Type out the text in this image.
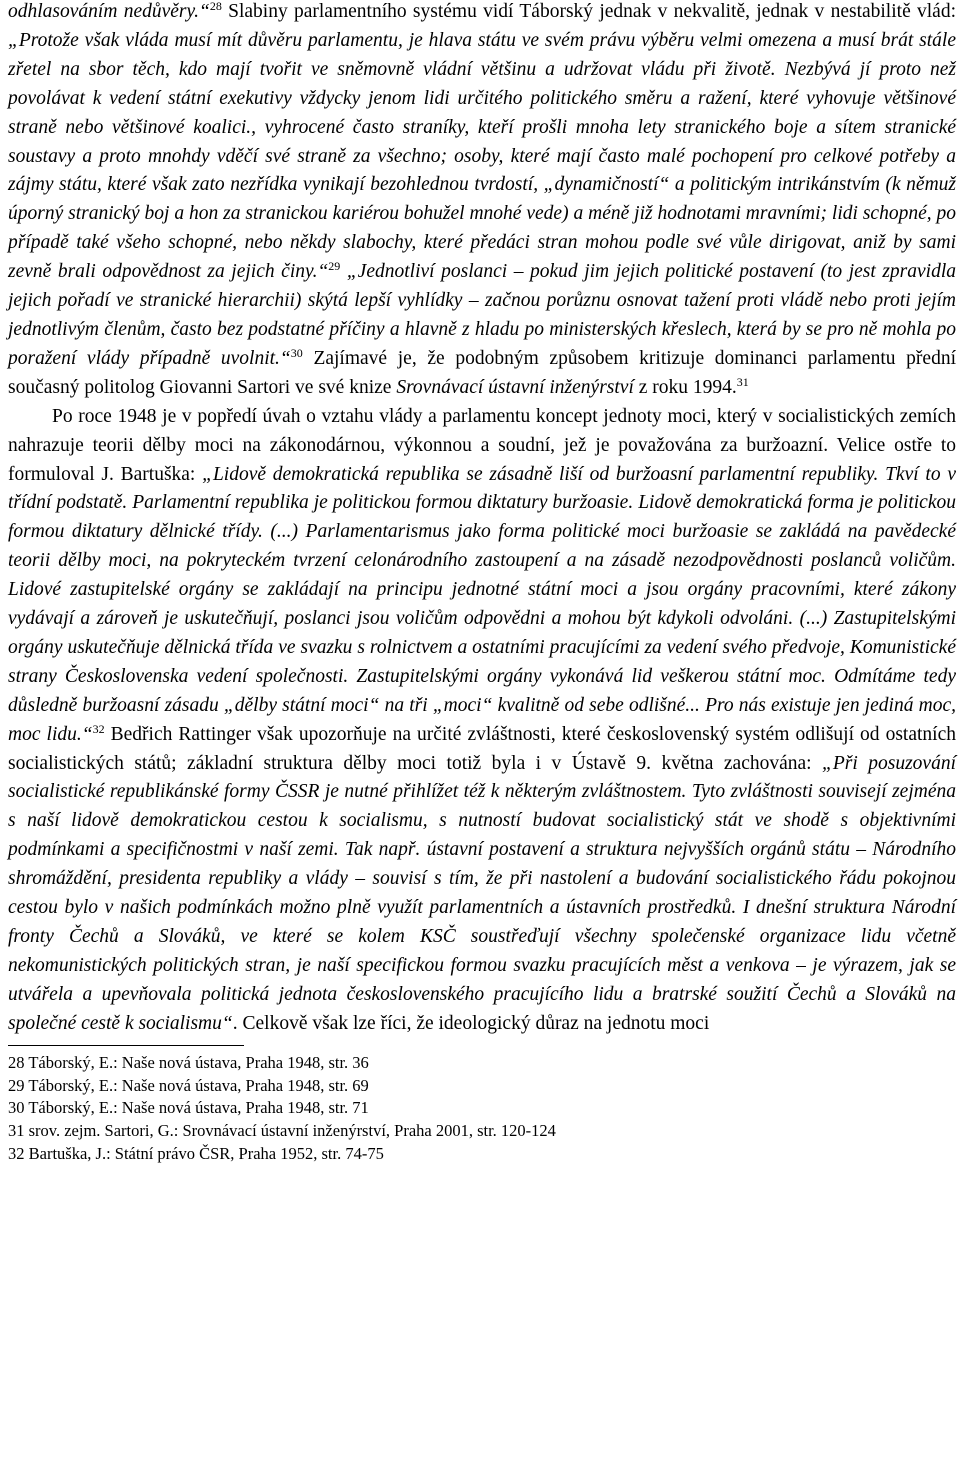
odhlasováním nedůvěry.“$^{28}$ Slabiny parlamentního systému vidí Táborský jednak v nekvalitě, jednak v nestabilitě vlád: „Protože však vláda musí mít důvěru parlamentu, je hlava státu ve svém právu výběru velmi omezena a musí brát stále zřetel na sbor těch, kdo mají tvořit ve sněmovně vládní většinu a udržovat vládu při životě. Nezbývá jí proto než povolávat k vedení státní exekutivy vždycky jenom lidi určitého politického směru a ražení, které vyhovuje většinové straně nebo většinové koalici., vyhrocené často straníky, kteří prošli mnoha lety stranického boje a sítem stranické soustavy a proto mnohdy vděčí své straně za všechno; osoby, které mají často malé pochopení pro celkové potřeby a zájmy státu, které však zato nezřídka vynikají bezohlednou tvrdostí, „dynamičností“ a politickým intrikánstvím (k němuž úporný stranický boj a hon za stranickou kariérou bohužel mnohé vede) a méně již hodnotami mravními; lidi schopné, po případě také všeho schopné, nebo někdy slabochy, které předáci stran mohou podle své vůle dirigovat, aniž by sami zevně brali odpovědnost za jejich činy.“$^{29}$ „Jednotliví poslanci – pokud jim jejich politické postavení (to jest zpravidla jejich pořadí ve stranické hierarchii) skýtá lepší vyhlídky – začnou porůznu osnovat tažení proti vládě nebo proti jejím jednotlivým členům, často bez podstatné příčiny a hlavně z hladu po ministerských křeslech, která by se pro ně mohla po poražení vlády případně uvolnit.“$^{30}$ Zajímavé je, že podobným způsobem kritizuje dominanci parlamentu přední současný politolog Giovanni Sartori ve své knize Srovnávací ústavní inženýrství z roku 1994.31

Po roce 1948 je v popředí úvah o vztahu vlády a parlamentu koncept jednoty moci, který v socialistických zemích nahrazuje teorii dělby moci na zákonodárnou, výkonnou a soudní, jež je považována za buržoazní. Velice ostře to formuloval J. Bartuška: „Lidově demokratická republika se zásadně liší od buržoasní parlamentní republiky. Tkví to v třídní podstatě. Parlamentní republika je politickou formou diktatury buržoasie. Lidově demokratická forma je politickou formou diktatury dělnické třídy. (...) Parlamentarismus jako forma politické moci buržoasie se zakládá na pavědecké teorii dělby moci, na pokryteckém tvrzení celonárodního zastoupení a na zásadě nezodpovědnosti poslanců voličům. Lidové zastupitelské orgány se zakládají na principu jednotné státní moci a jsou orgány pracovními, které zákony vydávají a zároveň je uskutečňují, poslanci jsou voličům odpovědni a mohou být kdykoli odvoláni. (...) Zastupitelskými orgány uskutečňuje dělnická třída ve svazku s rolnictvem a ostatními pracujícími za vedení svého předvoje, Komunistické strany Československa vedení společnosti. Zastupitelskými orgány vykonává lid veškerou státní moc. Odmítáme tedy důsledně buržoasní zásadu „dělby státní moci“ na tři „moci“ kvalitně od sebe odlišné... Pro nás existuje jen jediná moc, moc lidu.“$^{32}$ Bedřich Rattinger však upozorňuje na určité zvláštnosti, které československý systém odlišují od ostatních socialistických států; základní struktura dělby moci totiž byla i v Ústavě 9. května zachována: „Při posuzování socialistické republikánské formy ČSSR je nutné přihlížet též k některým zvláštnostem. Tyto zvláštnosti souvisejí zejména s naší lidově demokratickou cestou k socialismu, s nutností budovat socialistický stát ve shodě s objektivními podmínkami a specifičnostmi v naší zemi. Tak např. ústavní postavení a struktura nejvyšších orgánů státu – Národního shromáždění, presidenta republiky a vlády – souvisí s tím, že při nastolení a budování socialistického řádu pokojnou cestou bylo v našich podmínkách možno plně využít parlamentních a ústavních prostředků. I dnešní struktura Národní fronty Čechů a Slováků, ve které se kolem KSČ soustřeďují všechny společenské organizace lidu včetně nekomunistických politických stran, je naší specifickou formou svazku pracujících měst a venkova – je výrazem, jak se utvářela a upevňovala politická jednota československého pracujícího lidu a bratrské soužití Čechů a Slováků na společné cestě k socialismu“. Celkově však lze říci, že ideologický důraz na jednotu moci

28 Táborský, E.: Naše nová ústava, Praha 1948, str. 36

29 Táborský, E.: Naše nová ústava, Praha 1948, str. 69

30 Táborský, E.: Naše nová ústava, Praha 1948, str. 71

31 srov. zejm. Sartori, G.: Srovnávací ústavní inženýrství, Praha 2001, str. 120-124

32 Bartuška, J.: Státní právo ČSR, Praha 1952, str. 74-75
